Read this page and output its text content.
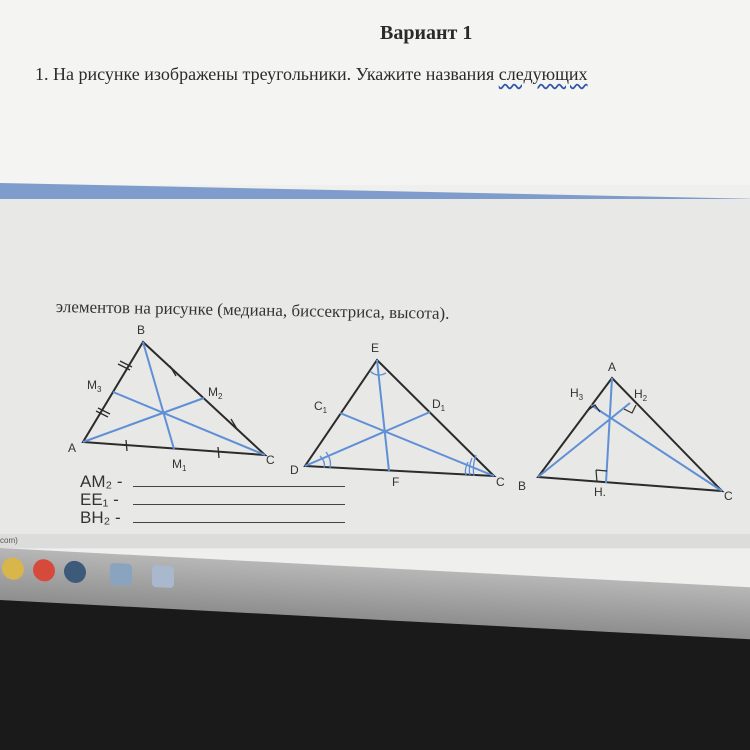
Вариант 1
1. На рисунке изображены треугольники. Укажите названия следующих
элементов на рисунке (медиана, биссектриса, высота).
B
A
C
$M_3$	$M_2$
$M_1$
E
D
C
$C_1$	$D_1$
F
A
B
C
$H_3$	$H_2$
H.
AM₂ -
EE₁ -
BH₂ -
com)
